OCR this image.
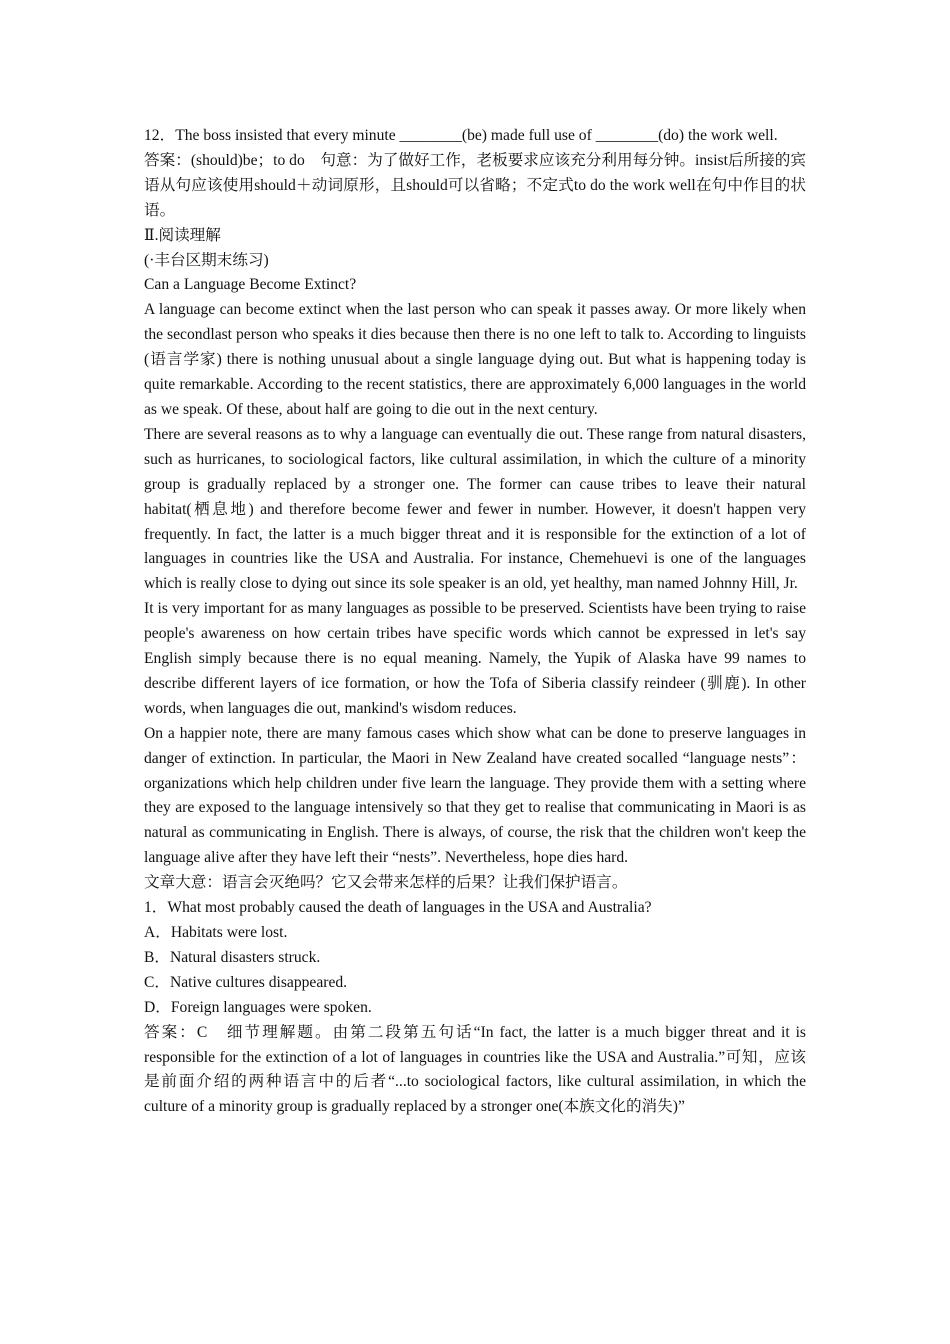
12．The boss insisted that every minute ________(be) made full use of ________(do) the work well.

答案：(should)be；to do　句意：为了做好工作，老板要求应该充分利用每分钟。insist后所接的宾语从句应该使用should＋动词原形，且should可以省略；不定式to do the work well在句中作目的状语。

Ⅱ.阅读理解

(·丰台区期末练习)

Can a Language Become Extinct?

A language can become extinct when the last person who can speak it passes away. Or more likely when the secondlast person who speaks it dies because then there is no one left to talk to. According to linguists (语言学家) there is nothing unusual about a single language dying out. But what is happening today is quite remarkable. According to the recent statistics, there are approximately 6,000 languages in the world as we speak. Of these, about half are going to die out in the next century.

There are several reasons as to why a language can eventually die out. These range from natural disasters, such as hurricanes, to sociological factors, like cultural assimilation, in which the culture of a minority group is gradually replaced by a stronger one. The former can cause tribes to leave their natural habitat(栖息地) and therefore become fewer and fewer in number. However, it doesn't happen very frequently. In fact, the latter is a much bigger threat and it is responsible for the extinction of a lot of languages in countries like the USA and Australia. For instance, Chemehuevi is one of the languages which is really close to dying out since its sole speaker is an old, yet healthy, man named Johnny Hill, Jr.

It is very important for as many languages as possible to be preserved. Scientists have been trying to raise people's awareness on how certain tribes have specific words which cannot be expressed in let's say English simply because there is no equal meaning. Namely, the Yupik of Alaska have 99 names to describe different layers of ice formation, or how the Tofa of Siberia classify reindeer (驯鹿). In other words, when languages die out, mankind's wisdom reduces.

On a happier note, there are many famous cases which show what can be done to preserve languages in danger of extinction. In particular, the Maori in New Zealand have created socalled “language nests”： organizations which help children under five learn the language. They provide them with a setting where they are exposed to the language intensively so that they get to realise that communicating in Maori is as natural as communicating in English. There is always, of course, the risk that the children won't keep the language alive after they have left their “nests”. Nevertheless, hope dies hard.

文章大意：语言会灭绝吗？它又会带来怎样的后果？让我们保护语言。

1．What most probably caused the death of languages in the USA and Australia?

A．Habitats were lost.

B．Natural disasters struck.

C．Native cultures disappeared.

D．Foreign languages were spoken.

答案：C　细节理解题。由第二段第五句话“In fact, the latter is a much bigger threat and it is responsible for the extinction of a lot of languages in countries like the USA and Australia.”可知，应该是前面介绍的两种语言中的后者“...to sociological factors, like cultural assimilation, in which the culture of a minority group is gradually replaced by a stronger one(本族文化的消失)”
